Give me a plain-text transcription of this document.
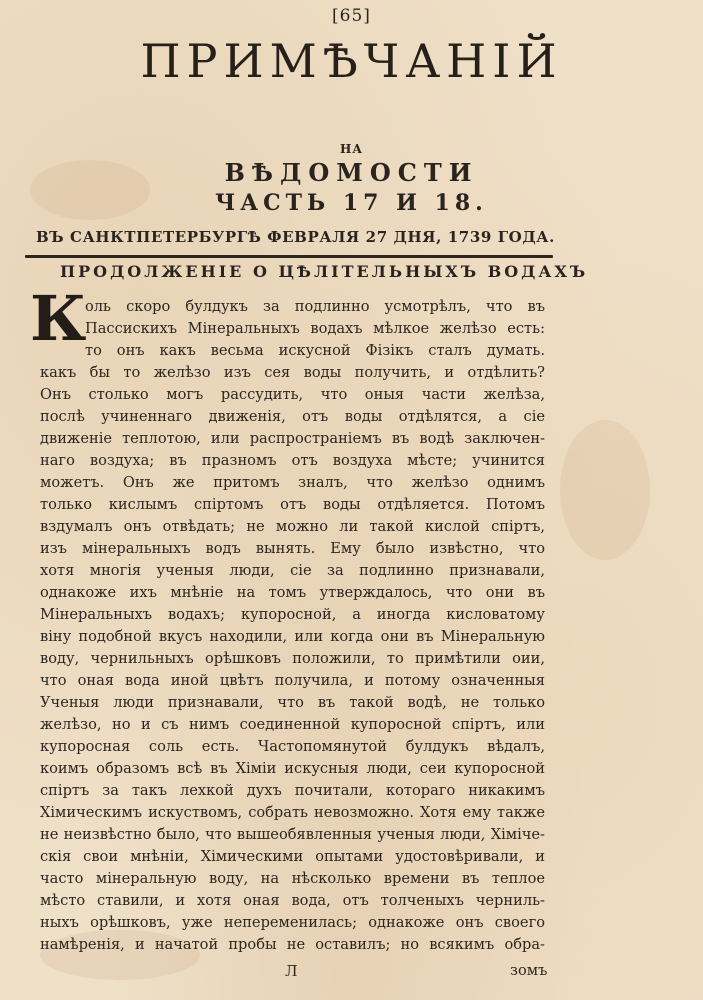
[65]
ПРИМѢЧАНІЙ
НА
ВѢДОМОСТИ
ЧАСТЬ 17 И 18.
ВЪ САНКТПЕТЕРБУРГѢ ФЕВРАЛЯ 27 ДНЯ, 1739 ГОДА.
ПРОДОЛЖЕНІЕ О ЦѢЛІТЕЛЬНЫХЪ ВОДАХЪ
К
оль скоро булдукъ за подлинно усмотрѣлъ, что въ
Пассискихъ Мінеральныхъ водахъ мѣлкое желѣзо есть:
то онъ какъ весьма искусной Фізікъ сталъ думать.
какъ бы то желѣзо изъ сея воды получить, и отдѣлить?
Онъ столько могъ рассудить, что оныя части желѣза,
послѣ учиненнаго движенія, отъ воды отдѣлятся, а сіе
движеніе теплотою, или распространіемъ въ водѣ заключен-
наго воздуха; въ празномъ отъ воздуха мѣсте; учинится
можетъ. Онъ же притомъ зналъ, что желѣзо однимъ
только кислымъ спіртомъ отъ воды отдѣляется. Потомъ
вздумалъ онъ отвѣдать; не можно ли такой кислой спіртъ,
изъ мінеральныхъ водъ вынять. Ему было извѣстно, что
хотя многія ученыя люди, сіе за подлинно признавали,
однакоже ихъ мнѣніе на томъ утверждалось, что они въ
Мінеральныхъ водахъ; купоросной, а иногда кисловатому
віну подобной вкусъ находили, или когда они въ Мінеральную
воду, чернильныхъ орѣшковъ положили, то примѣтили оии,
что оная вода иной цвѣтъ получила, и потому означенныя
Ученыя люди признавали, что въ такой водѣ, не только
желѣзо, но и съ нимъ соединенной купоросной спіртъ, или
купоросная соль есть. Частопомянутой булдукъ вѣдалъ,
коимъ образомъ всѣ въ Хіміи искусныя люди, сеи купоросной
спіртъ за такъ лехкой духъ почитали, котораго никакимъ
Хімическимъ искуствомъ, собрать невозможно. Хотя ему также
не неизвѣстно было, что вышеобявленныя ученыя люди, Хіміче-
скія свои мнѣніи, Хімическими опытами удостовѣривали, и
часто мінеральную воду, на нѣсколько времени въ теплое
мѣсто ставили, и хотя оная вода, отъ толченыхъ черниль-
ныхъ орѣшковъ, уже непеременилась; однакоже онъ своего
намѣренія, и начатой пробы не оставилъ; но всякимъ обра-
Л	зомъ
